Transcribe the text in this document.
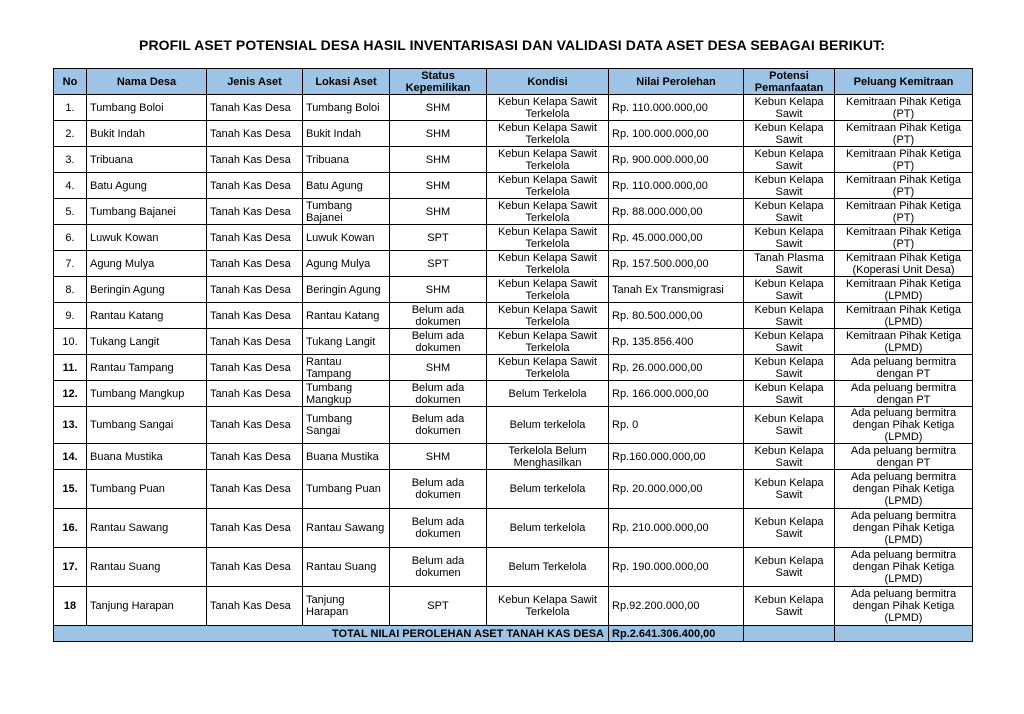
PROFIL ASET POTENSIAL DESA HASIL INVENTARISASI DAN VALIDASI DATA ASET DESA SEBAGAI BERIKUT:
No	Nama Desa	Jenis Aset	Lokasi Aset	Status Kepemilikan	Kondisi	Nilai Perolehan	Potensi Pemanfaatan	Peluang Kemitraan
1.	Tumbang Boloi	Tanah Kas Desa	Tumbang Boloi	SHM	Kebun Kelapa Sawit Terkelola	Rp. 110.000.000,00	Kebun Kelapa Sawit	Kemitraan Pihak Ketiga (PT)
2.	Bukit Indah	Tanah Kas Desa	Bukit Indah	SHM	Kebun Kelapa Sawit Terkelola	Rp. 100.000.000,00	Kebun Kelapa Sawit	Kemitraan Pihak Ketiga (PT)
3.	Tribuana	Tanah Kas Desa	Tribuana	SHM	Kebun Kelapa Sawit Terkelola	Rp. 900.000.000,00	Kebun Kelapa Sawit	Kemitraan Pihak Ketiga (PT)
4.	Batu Agung	Tanah Kas Desa	Batu Agung	SHM	Kebun Kelapa Sawit Terkelola	Rp. 110.000.000,00	Kebun Kelapa Sawit	Kemitraan Pihak Ketiga (PT)
5.	Tumbang Bajanei	Tanah Kas Desa	Tumbang Bajanei	SHM	Kebun Kelapa Sawit Terkelola	Rp. 88.000.000,00	Kebun Kelapa Sawit	Kemitraan Pihak Ketiga (PT)
6.	Luwuk Kowan	Tanah Kas Desa	Luwuk Kowan	SPT	Kebun Kelapa Sawit Terkelola	Rp. 45.000.000,00	Kebun Kelapa Sawit	Kemitraan Pihak Ketiga (PT)
7.	Agung Mulya	Tanah Kas Desa	Agung Mulya	SPT	Kebun Kelapa Sawit Terkelola	Rp. 157.500.000,00	Tanah Plasma Sawit	Kemitraan Pihak Ketiga (Koperasi Unit Desa)
8.	Beringin Agung	Tanah Kas Desa	Beringin Agung	SHM	Kebun Kelapa Sawit Terkelola	Tanah Ex Transmigrasi	Kebun Kelapa Sawit	Kemitraan Pihak Ketiga (LPMD)
9.	Rantau Katang	Tanah Kas Desa	Rantau Katang	Belum ada dokumen	Kebun Kelapa Sawit Terkelola	Rp. 80.500.000,00	Kebun Kelapa Sawit	Kemitraan Pihak Ketiga (LPMD)
10.	Tukang Langit	Tanah Kas Desa	Tukang Langit	Belum ada dokumen	Kebun Kelapa Sawit Terkelola	Rp. 135.856.400	Kebun Kelapa Sawit	Kemitraan Pihak Ketiga (LPMD)
11.	Rantau Tampang	Tanah Kas Desa	Rantau Tampang	SHM	Kebun Kelapa Sawit Terkelola	Rp. 26.000.000,00	Kebun Kelapa Sawit	Ada peluang bermitra dengan PT
12.	Tumbang Mangkup	Tanah Kas Desa	Tumbang Mangkup	Belum ada dokumen	Belum Terkelola	Rp. 166.000.000,00	Kebun Kelapa Sawit	Ada peluang bermitra dengan PT
13.	Tumbang Sangai	Tanah Kas Desa	Tumbang Sangai	Belum ada dokumen	Belum terkelola	Rp. 0	Kebun Kelapa Sawit	Ada peluang bermitra dengan Pihak Ketiga (LPMD)
14.	Buana Mustika	Tanah Kas Desa	Buana Mustika	SHM	Terkelola Belum Menghasilkan	Rp.160.000.000,00	Kebun Kelapa Sawit	Ada peluang bermitra dengan PT
15.	Tumbang Puan	Tanah Kas Desa	Tumbang Puan	Belum ada dokumen	Belum terkelola	Rp. 20.000.000,00	Kebun Kelapa Sawit	Ada peluang bermitra dengan Pihak Ketiga (LPMD)
16.	Rantau Sawang	Tanah Kas Desa	Rantau Sawang	Belum ada dokumen	Belum terkelola	Rp. 210.000.000,00	Kebun Kelapa Sawit	Ada peluang bermitra dengan Pihak Ketiga (LPMD)
17.	Rantau Suang	Tanah Kas Desa	Rantau Suang	Belum ada dokumen	Belum Terkelola	Rp. 190.000.000,00	Kebun Kelapa Sawit	Ada peluang bermitra dengan Pihak Ketiga (LPMD)
18	Tanjung Harapan	Tanah Kas Desa	Tanjung Harapan	SPT	Kebun Kelapa Sawit Terkelola	Rp.92.200.000,00	Kebun Kelapa Sawit	Ada peluang bermitra dengan Pihak Ketiga (LPMD)
TOTAL NILAI PEROLEHAN ASET TANAH KAS DESA						Rp.2.641.306.400,00		
